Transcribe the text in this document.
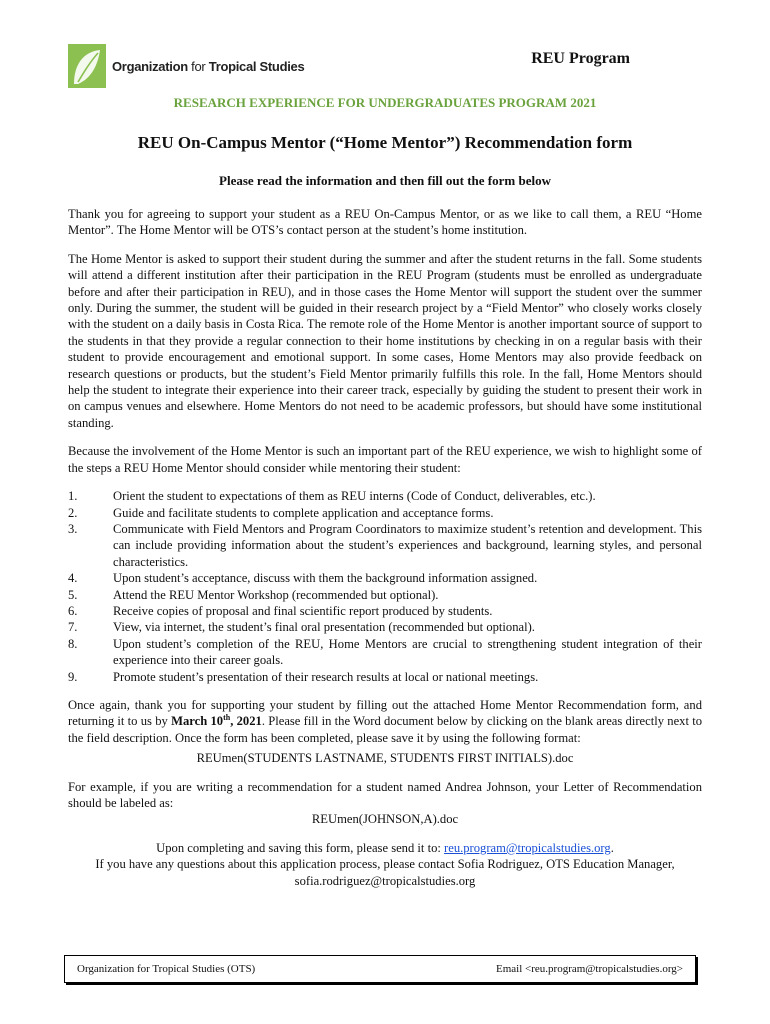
Organization for Tropical Studies	REU Program
RESEARCH EXPERIENCE FOR UNDERGRADUATES PROGRAM 2021
REU On-Campus Mentor (“Home Mentor”) Recommendation form
Please read the information and then fill out the form below

Thank you for agreeing to support your student as a REU On-Campus Mentor, or as we like to call them, a REU “Home Mentor”. The Home Mentor will be OTS’s contact person at the student’s home institution.

The Home Mentor is asked to support their student during the summer and after the student returns in the fall. Some students will attend a different institution after their participation in the REU Program (students must be enrolled as undergraduate before and after their participation in REU), and in those cases the Home Mentor will support the student over the summer only. During the summer, the student will be guided in their research project by a “Field Mentor” who closely works closely with the student on a daily basis in Costa Rica. The remote role of the Home Mentor is another important source of support to the students in that they provide a regular connection to their home institutions by checking in on a regular basis with their student to provide encouragement and emotional support. In some cases, Home Mentors may also provide feedback on research questions or products, but the student’s Field Mentor primarily fulfills this role. In the fall, Home Mentors should help the student to integrate their experience into their career track, especially by guiding the student to present their work in on campus venues and elsewhere. Home Mentors do not need to be academic professors, but should have some institutional standing.

Because the involvement of the Home Mentor is such an important part of the REU experience, we wish to highlight some of the steps a REU Home Mentor should consider while mentoring their student:

1.	Orient the student to expectations of them as REU interns (Code of Conduct, deliverables, etc.).
2.	Guide and facilitate students to complete application and acceptance forms.
3.	Communicate with Field Mentors and Program Coordinators to maximize student’s retention and development. This can include providing information about the student’s experiences and background, learning styles, and personal characteristics.
4.	Upon student’s acceptance, discuss with them the background information assigned.
5.	Attend the REU Mentor Workshop (recommended but optional).
6.	Receive copies of proposal and final scientific report produced by students.
7.	View, via internet, the student’s final oral presentation (recommended but optional).
8.	Upon student’s completion of the REU, Home Mentors are crucial to strengthening student integration of their experience into their career goals.
9.	Promote student’s presentation of their research results at local or national meetings.

Once again, thank you for supporting your student by filling out the attached Home Mentor Recommendation form, and returning it to us by March 10th, 2021. Please fill in the Word document below by clicking on the blank areas directly next to the field description. Once the form has been completed, please save it by using the following format:

REUmen(STUDENTS LASTNAME, STUDENTS FIRST INITIALS).doc

For example, if you are writing a recommendation for a student named Andrea Johnson, your Letter of Recommendation should be labeled as:

REUmen(JOHNSON,A).doc

Upon completing and saving this form, please send it to: reu.program@tropicalstudies.org.

If you have any questions about this application process, please contact Sofia Rodriguez, OTS Education Manager, sofia.rodriguez@tropicalstudies.org

Organization for Tropical Studies (OTS)	Email <reu.program@tropicalstudies.org>
